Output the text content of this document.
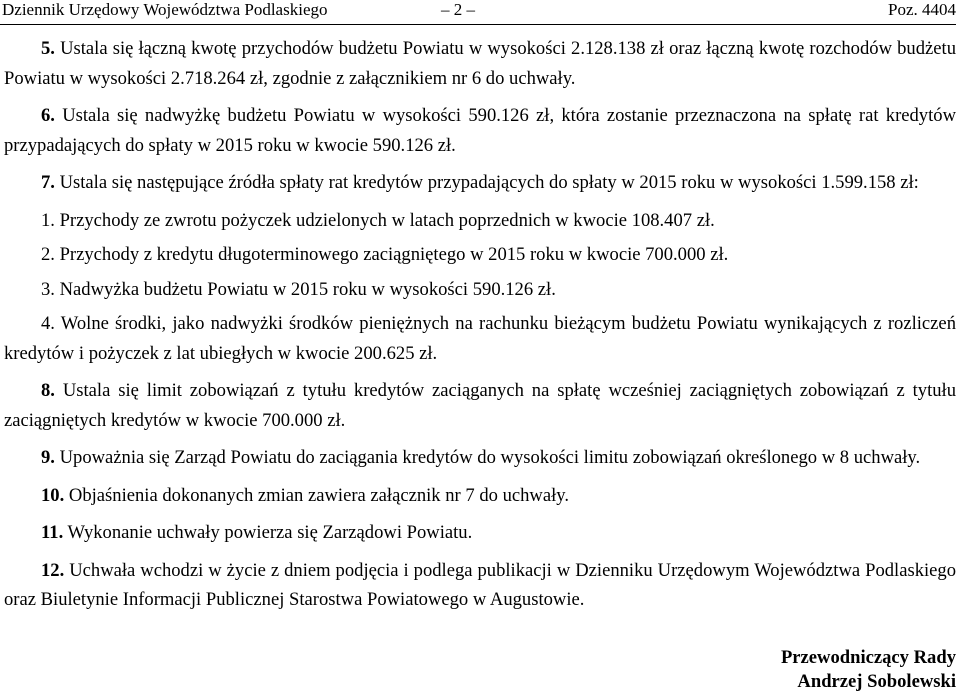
Dziennik Urzędowy Województwa Podlaskiego	– 2 –	Poz. 4404

5. Ustala się łączną kwotę przychodów budżetu Powiatu w wysokości 2.128.138 zł oraz łączną kwotę rozchodów budżetu Powiatu w wysokości 2.718.264 zł, zgodnie z załącznikiem nr 6 do uchwały.

6. Ustala się nadwyżkę budżetu Powiatu w wysokości 590.126 zł, która zostanie przeznaczona na spłatę rat kredytów przypadających do spłaty w 2015 roku w kwocie 590.126 zł.

7. Ustala się następujące źródła spłaty rat kredytów przypadających do spłaty w 2015 roku w wysokości 1.599.158 zł:

1. Przychody ze zwrotu pożyczek udzielonych w latach poprzednich w kwocie 108.407 zł.

2. Przychody z kredytu długoterminowego zaciągniętego w 2015 roku w kwocie 700.000 zł.

3. Nadwyżka budżetu Powiatu w 2015 roku w wysokości 590.126 zł.

4. Wolne środki, jako nadwyżki środków pieniężnych na rachunku bieżącym budżetu Powiatu wynikających z rozliczeń kredytów i pożyczek z lat ubiegłych w kwocie 200.625 zł.

8. Ustala się limit zobowiązań z tytułu kredytów zaciąganych na spłatę wcześniej zaciągniętych zobowiązań z tytułu zaciągniętych kredytów w kwocie 700.000 zł.

9. Upoważnia się Zarząd Powiatu do zaciągania kredytów do wysokości limitu zobowiązań określonego w 8 uchwały.

10. Objaśnienia dokonanych zmian zawiera załącznik nr 7 do uchwały.

11. Wykonanie uchwały powierza się Zarządowi Powiatu.

12. Uchwała wchodzi w życie z dniem podjęcia i podlega publikacji w Dzienniku Urzędowym Województwa Podlaskiego oraz Biuletynie Informacji Publicznej Starostwa Powiatowego w Augustowie.

Przewodniczący Rady
Andrzej Sobolewski
